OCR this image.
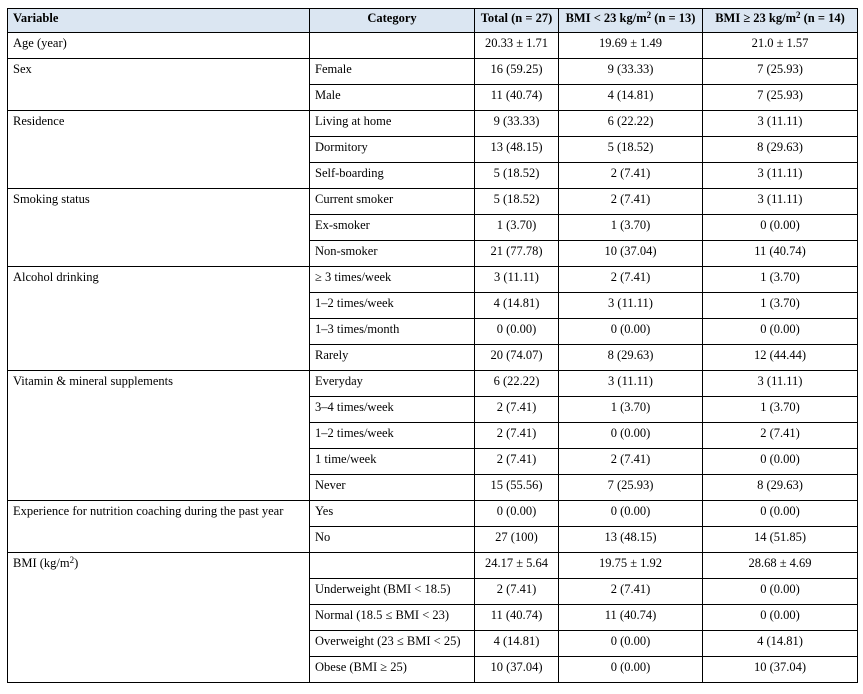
Variable	Category	Total (n = 27)	BMI < 23 $kg/m^2$ (n = 13)	BMI ≥ 23 $kg/m^2$ (n = 14)
Age (year)		20.33 ± 1.71	19.69 ± 1.49	21.0 ± 1.57
Sex	Female	16 (59.25)	9 (33.33)	7 (25.93)
	Male	11 (40.74)	4 (14.81)	7 (25.93)
Residence	Living at home	9 (33.33)	6 (22.22)	3 (11.11)
	Dormitory	13 (48.15)	5 (18.52)	8 (29.63)
	Self-boarding	5 (18.52)	2 (7.41)	3 (11.11)
Smoking status	Current smoker	5 (18.52)	2 (7.41)	3 (11.11)
	Ex-smoker	1 (3.70)	1 (3.70)	0 (0.00)
	Non-smoker	21 (77.78)	10 (37.04)	11 (40.74)
Alcohol drinking	≥ 3 times/week	3 (11.11)	2 (7.41)	1 (3.70)
	1–2 times/week	4 (14.81)	3 (11.11)	1 (3.70)
	1–3 times/month	0 (0.00)	0 (0.00)	0 (0.00)
	Rarely	20 (74.07)	8 (29.63)	12 (44.44)
Vitamin & mineral supplements	Everyday	6 (22.22)	3 (11.11)	3 (11.11)
	3–4 times/week	2 (7.41)	1 (3.70)	1 (3.70)
	1–2 times/week	2 (7.41)	0 (0.00)	2 (7.41)
	1 time/week	2 (7.41)	2 (7.41)	0 (0.00)
	Never	15 (55.56)	7 (25.93)	8 (29.63)
Experience for nutrition coaching during the past year	Yes	0 (0.00)	0 (0.00)	0 (0.00)
	No	27 (100)	13 (48.15)	14 (51.85)
BMI $(kg/m^2)$		24.17 ± 5.64	19.75 ± 1.92	28.68 ± 4.69
	Underweight (BMI < 18.5)	2 (7.41)	2 (7.41)	0 (0.00)
	Normal (18.5 ≤ BMI < 23)	11 (40.74)	11 (40.74)	0 (0.00)
	Overweight (23 ≤ BMI < 25)	4 (14.81)	0 (0.00)	4 (14.81)
	Obese (BMI ≥ 25)	10 (37.04)	0 (0.00)	10 (37.04)
